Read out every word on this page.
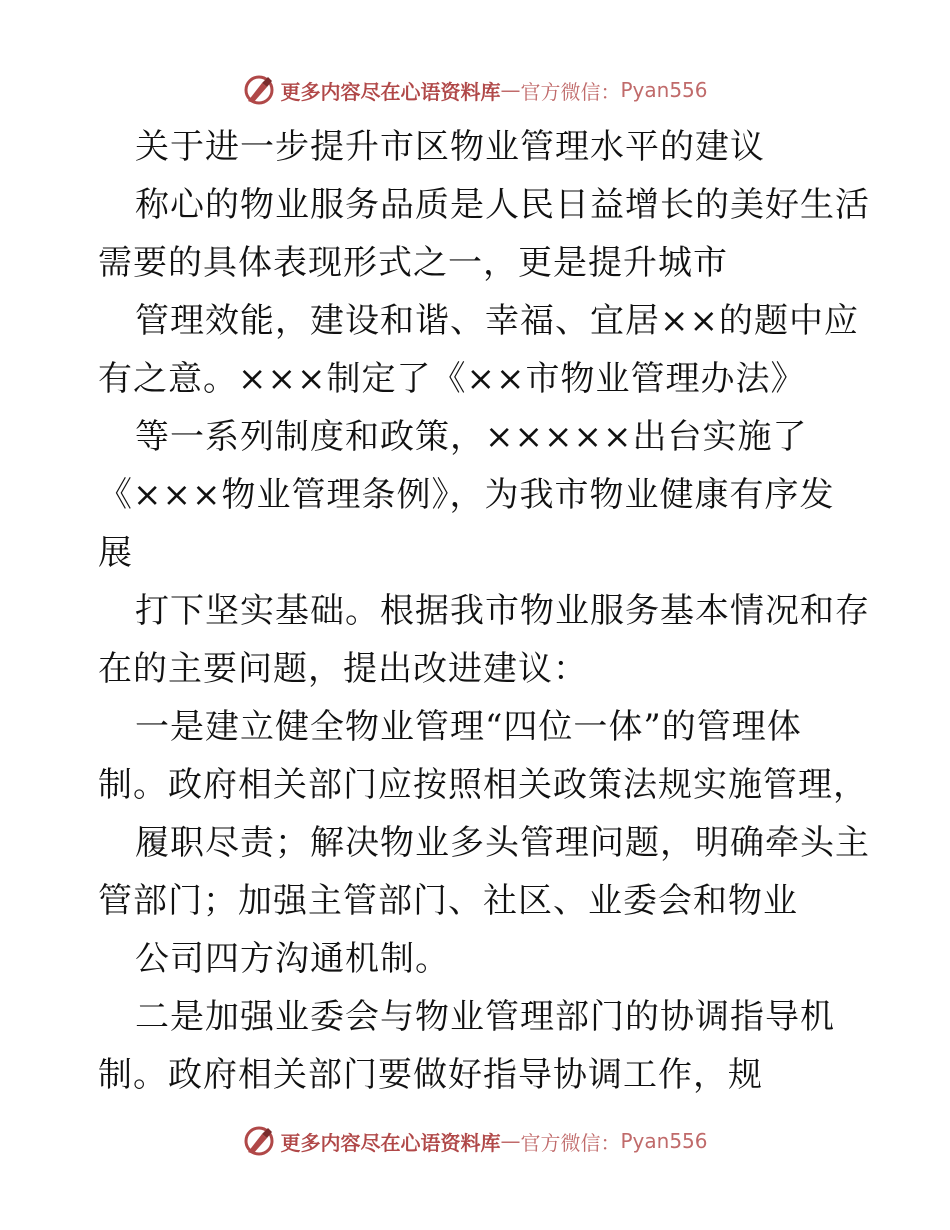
更多内容尽在心语资料库 — 官方微信： Pyan556
关于进一步提升市区物业管理水平的建议
称心的物业服务品质是人民日益增长的美好生活
需要的具体表现形式之一，更是提升城市
管理效能，建设和谐、幸福、宜居××的题中应
有之意。×××制定了《××市物业管理办法》
等一系列制度和政策，×××××出台实施了
《×××物业管理条例》，为我市物业健康有序发
展
打下坚实基础。根据我市物业服务基本情况和存
在的主要问题，提出改进建议：
一是建立健全物业管理“四位一体”的管理体
制。政府相关部门应按照相关政策法规实施管理，
履职尽责；解决物业多头管理问题，明确牵头主
管部门；加强主管部门、社区、业委会和物业
公司四方沟通机制。
二是加强业委会与物业管理部门的协调指导机
制。政府相关部门要做好指导协调工作，规
更多内容尽在心语资料库 — 官方微信： Pyan556
